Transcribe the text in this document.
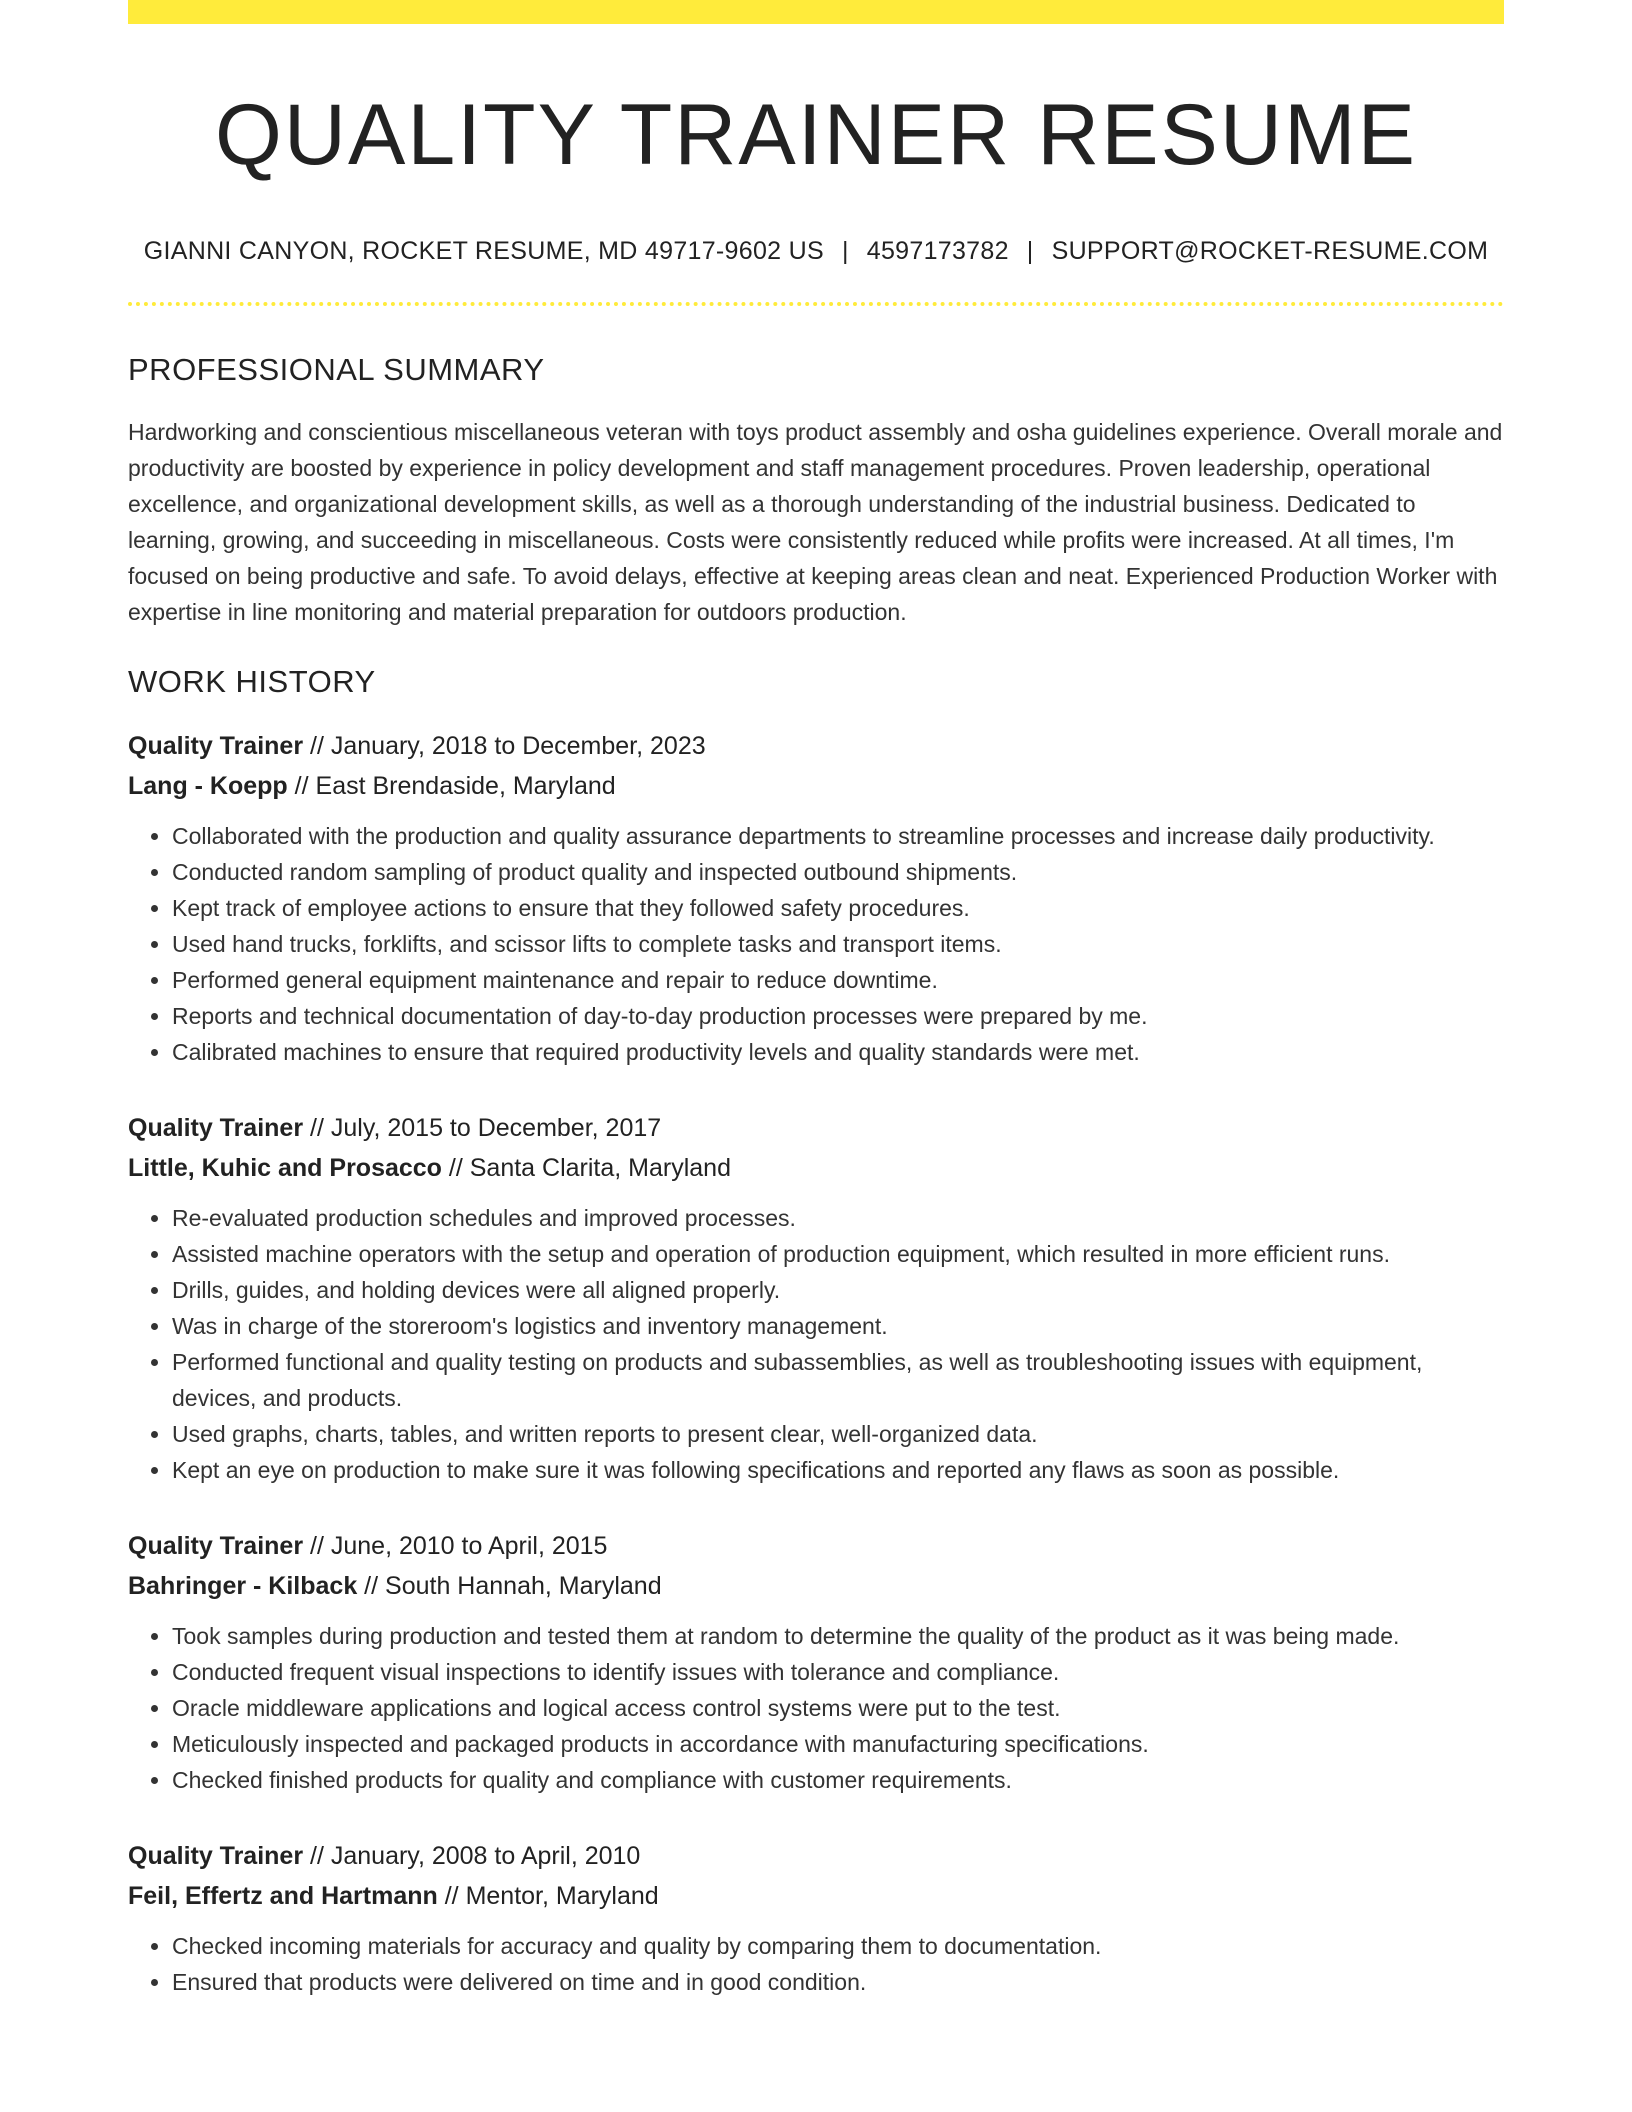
QUALITY TRAINER RESUME
GIANNI CANYON, ROCKET RESUME, MD 49717-9602 US | 4597173782 | SUPPORT@ROCKET-RESUME.COM
PROFESSIONAL SUMMARY

Hardworking and conscientious miscellaneous veteran with toys product assembly and osha guidelines experience. Overall morale and productivity are boosted by experience in policy development and staff management procedures. Proven leadership, operational excellence, and organizational development skills, as well as a thorough understanding of the industrial business. Dedicated to learning, growing, and succeeding in miscellaneous. Costs were consistently reduced while profits were increased. At all times, I'm focused on being productive and safe. To avoid delays, effective at keeping areas clean and neat. Experienced Production Worker with expertise in line monitoring and material preparation for outdoors production.

WORK HISTORY
Quality Trainer // January, 2018 to December, 2023
Lang - Koepp // East Brendaside, Maryland
• Collaborated with the production and quality assurance departments to streamline processes and increase daily productivity.
• Conducted random sampling of product quality and inspected outbound shipments.
• Kept track of employee actions to ensure that they followed safety procedures.
• Used hand trucks, forklifts, and scissor lifts to complete tasks and transport items.
• Performed general equipment maintenance and repair to reduce downtime.
• Reports and technical documentation of day-to-day production processes were prepared by me.
• Calibrated machines to ensure that required productivity levels and quality standards were met.
Quality Trainer // July, 2015 to December, 2017
Little, Kuhic and Prosacco // Santa Clarita, Maryland
• Re-evaluated production schedules and improved processes.
• Assisted machine operators with the setup and operation of production equipment, which resulted in more efficient runs.
• Drills, guides, and holding devices were all aligned properly.
• Was in charge of the storeroom's logistics and inventory management.
• Performed functional and quality testing on products and subassemblies, as well as troubleshooting issues with equipment, devices, and products.
• Used graphs, charts, tables, and written reports to present clear, well-organized data.
• Kept an eye on production to make sure it was following specifications and reported any flaws as soon as possible.
Quality Trainer // June, 2010 to April, 2015
Bahringer - Kilback // South Hannah, Maryland
• Took samples during production and tested them at random to determine the quality of the product as it was being made.
• Conducted frequent visual inspections to identify issues with tolerance and compliance.
• Oracle middleware applications and logical access control systems were put to the test.
• Meticulously inspected and packaged products in accordance with manufacturing specifications.
• Checked finished products for quality and compliance with customer requirements.
Quality Trainer // January, 2008 to April, 2010
Feil, Effertz and Hartmann // Mentor, Maryland
• Checked incoming materials for accuracy and quality by comparing them to documentation.
• Ensured that products were delivered on time and in good condition.
